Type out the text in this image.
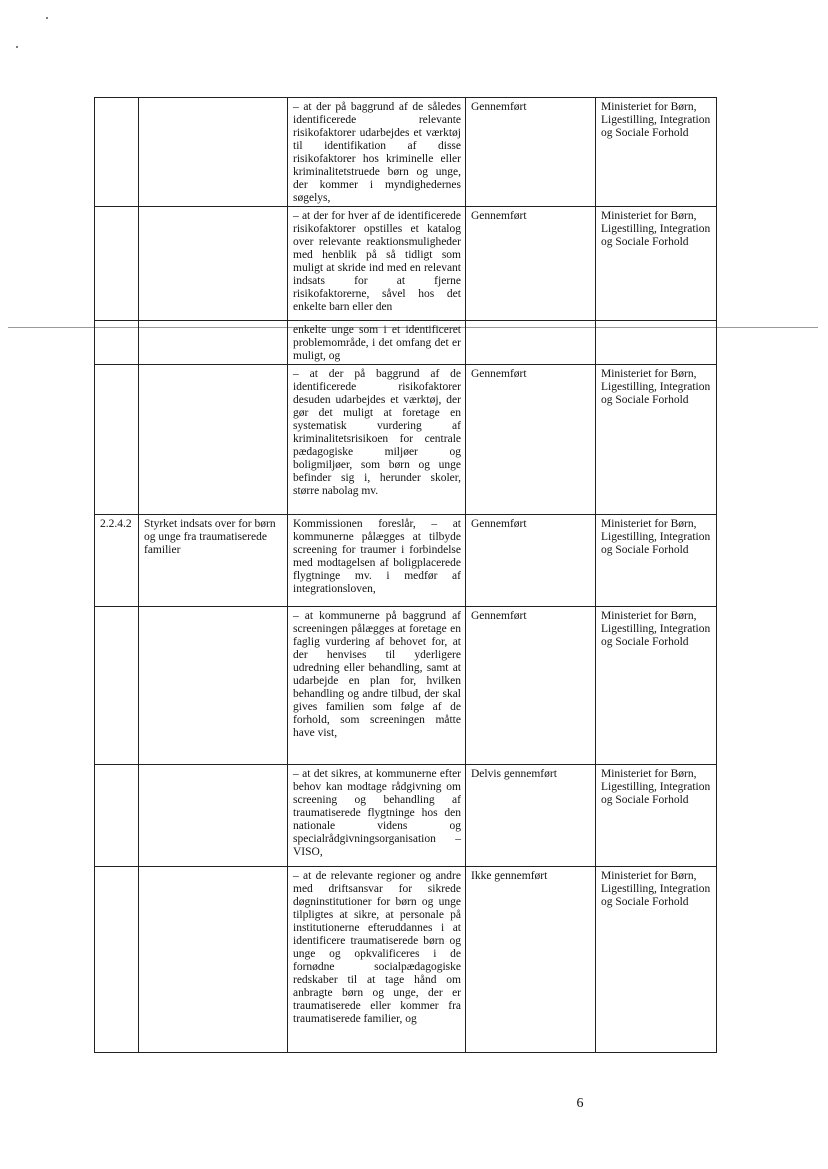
		– at der på baggrund af de således identificerede relevante risikofaktorer udarbejdes et værktøj til identifikation af disse risikofaktorer hos kriminelle eller kriminalitetstruede børn og unge, der kommer i myndighedernes søgelys,	Gennemført	Ministeriet for Børn, Ligestilling, Integration og Sociale Forhold
		– at der for hver af de identificerede risikofaktorer opstilles et katalog over relevante reaktionsmuligheder med henblik på så tidligt som muligt at skride ind med en relevant indsats for at fjerne risikofaktorerne, såvel hos det enkelte barn eller den	Gennemført	Ministeriet for Børn, Ligestilling, Integration og Sociale Forhold
		enkelte unge som i et identificeret problemområde, i det omfang det er muligt, og		
		– at der på baggrund af de identificerede risikofaktorer desuden udarbejdes et værktøj, der gør det muligt at foretage en systematisk vurdering af kriminalitetsrisikoen for centrale pædagogiske miljøer og boligmiljøer, som børn og unge befinder sig i, herunder skoler, større nabolag mv.	Gennemført	Ministeriet for Børn, Ligestilling, Integration og Sociale Forhold
2.2.4.2	Styrket indsats over for børn og unge fra traumatiserede familier	Kommissionen foreslår, – at kommunerne pålægges at tilbyde screening for traumer i forbindelse med modtagelsen af boligplacerede flygtninge mv. i medfør af integrationsloven,	Gennemført	Ministeriet for Børn, Ligestilling, Integration og Sociale Forhold
		– at kommunerne på baggrund af screeningen pålægges at foretage en faglig vurdering af behovet for, at der henvises til yderligere udredning eller behandling, samt at udarbejde en plan for, hvilken behandling og andre tilbud, der skal gives familien som følge af de forhold, som screeningen måtte have vist,	Gennemført	Ministeriet for Børn, Ligestilling, Integration og Sociale Forhold
		– at det sikres, at kommunerne efter behov kan modtage rådgivning om screening og behandling af traumatiserede flygtninge hos den nationale videns og specialrådgivningsorganisation – VISO,	Delvis gennemført	Ministeriet for Børn, Ligestilling, Integration og Sociale Forhold
		– at de relevante regioner og andre med driftsansvar for sikrede døgninstitutioner for børn og unge tilpligtes at sikre, at personale på institutionerne efteruddannes i at identificere traumatiserede børn og unge og opkvalificeres i de fornødne socialpædagogiske redskaber til at tage hånd om anbragte børn og unge, der er traumatiserede eller kommer fra traumatiserede familier, og	Ikke gennemført	Ministeriet for Børn, Ligestilling, Integration og Sociale Forhold
6
